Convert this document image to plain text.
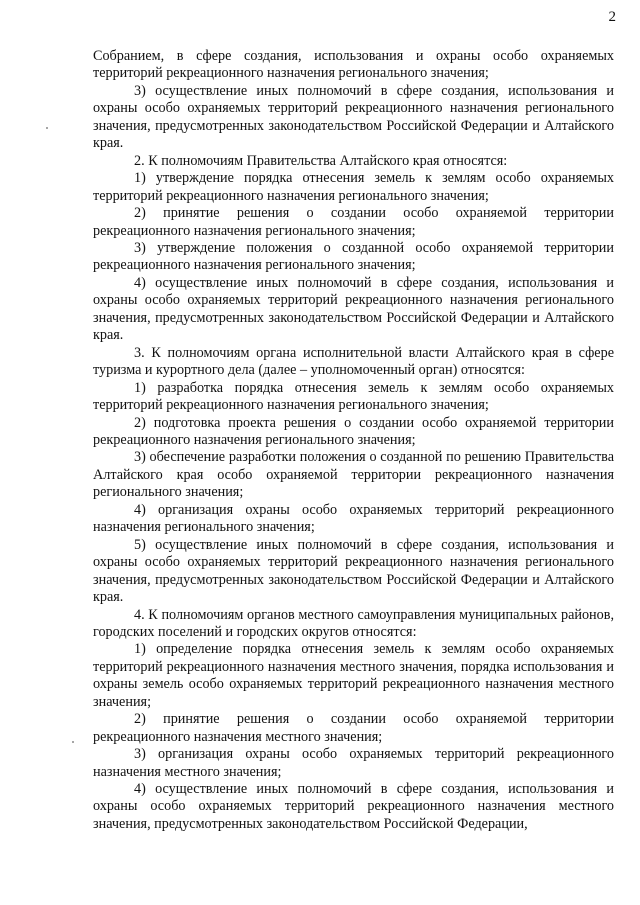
2

Собранием, в сфере создания, использования и охраны особо охраняемых территорий рекреационного назначения регионального значения;

3) осуществление иных полномочий в сфере создания, использования и охраны особо охраняемых территорий рекреационного назначения регионального значения, предусмотренных законодательством Российской Федерации и Алтайского края.

2. К полномочиям Правительства Алтайского края относятся:

1) утверждение порядка отнесения земель к землям особо охраняемых территорий рекреационного назначения регионального значения;

2) принятие решения о создании особо охраняемой территории рекреационного назначения регионального значения;

3) утверждение положения о созданной особо охраняемой территории рекреационного назначения регионального значения;

4) осуществление иных полномочий в сфере создания, использования и охраны особо охраняемых территорий рекреационного назначения регионального значения, предусмотренных законодательством Российской Федерации и Алтайского края.

3. К полномочиям органа исполнительной власти Алтайского края в сфере туризма и курортного дела (далее – уполномоченный орган) относятся:

1) разработка порядка отнесения земель к землям особо охраняемых территорий рекреационного назначения регионального значения;

2) подготовка проекта решения о создании особо охраняемой территории рекреационного назначения регионального значения;

3) обеспечение разработки положения о созданной по решению Правительства Алтайского края особо охраняемой территории рекреационного назначения регионального значения;

4) организация охраны особо охраняемых территорий рекреационного назначения регионального значения;

5) осуществление иных полномочий в сфере создания, использования и охраны особо охраняемых территорий рекреационного назначения регионального значения, предусмотренных законодательством Российской Федерации и Алтайского края.

4. К полномочиям органов местного самоуправления муниципальных районов, городских поселений и городских округов относятся:

1) определение порядка отнесения земель к землям особо охраняемых территорий рекреационного назначения местного значения, порядка использования и охраны земель особо охраняемых территорий рекреационного назначения местного значения;

2) принятие решения о создании особо охраняемой территории рекреационного назначения местного значения;

3) организация охраны особо охраняемых территорий рекреационного назначения местного значения;

4) осуществление иных полномочий в сфере создания, использования и охраны особо охраняемых территорий рекреационного назначения местного значения, предусмотренных законодательством Российской Федерации,
